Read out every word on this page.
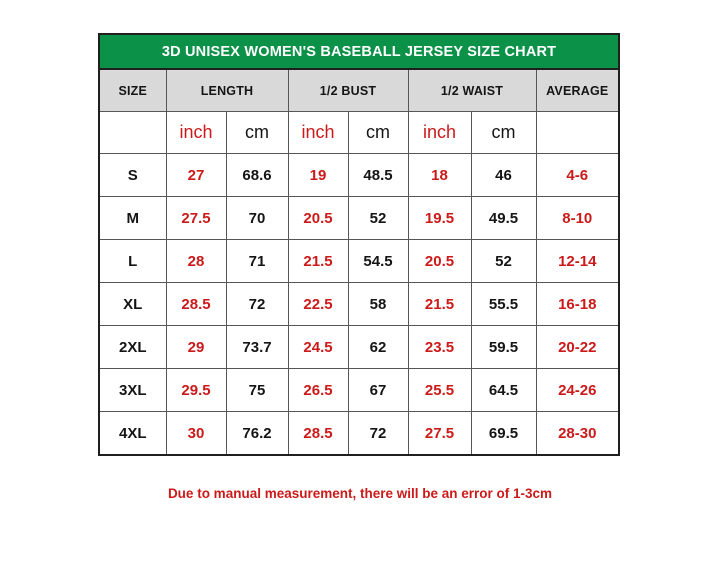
3D UNISEX WOMEN'S BASEBALL JERSEY SIZE CHART							
SIZE	LENGTH		1/2 BUST		1/2 WAIST		AVERAGE
	inch	cm	inch	cm	inch	cm	
S	27	68.6	19	48.5	18	46	4-6
M	27.5	70	20.5	52	19.5	49.5	8-10
L	28	71	21.5	54.5	20.5	52	12-14
XL	28.5	72	22.5	58	21.5	55.5	16-18
2XL	29	73.7	24.5	62	23.5	59.5	20-22
3XL	29.5	75	26.5	67	25.5	64.5	24-26
4XL	30	76.2	28.5	72	27.5	69.5	28-30
Due to manual measurement, there will be an error of 1-3cm
